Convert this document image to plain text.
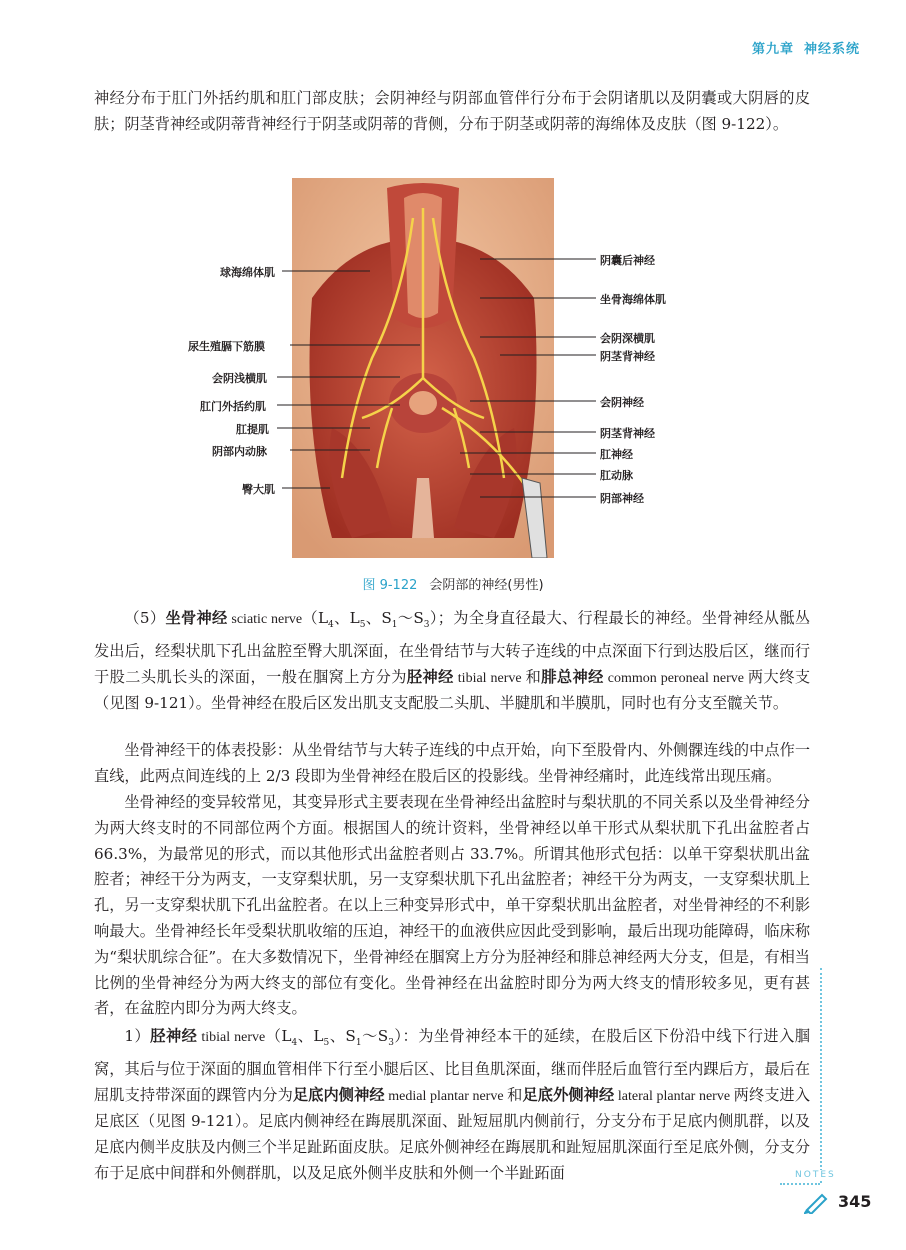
第九章 神经系统

神经分布于肛门外括约肌和肛门部皮肤；会阴神经与阴部血管伴行分布于会阴诸肌以及阴囊或大阴唇的皮肤；阴茎背神经或阴蒂背神经行于阴茎或阴蒂的背侧，分布于阴茎或阴蒂的海绵体及皮肤（图 9-122）。

球海绵体肌
尿生殖膈下筋膜
会阴浅横肌
肛门外括约肌
肛提肌
阴部内动脉
臀大肌
阴囊后神经
坐骨海绵体肌
会阴深横肌
阴茎背神经
会阴神经
阴茎背神经
肛神经
肛动脉
阴部神经
图 9-122 会阴部的神经(男性)

（5）坐骨神经 sciatic $nerve(L_4$、$L_5$、$S_1\sim S_3$）；为全身直径最大、行程最长的神经。坐骨神经从骶丛发出后，经梨状肌下孔出盆腔至臀大肌深面，在坐骨结节与大转子连线的中点深面下行到达股后区，继而行于股二头肌长头的深面，一般在腘窝上方分为胫神经 tibial nerve 和腓总神经 common peroneal nerve 两大终支（见图 9-121）。坐骨神经在股后区发出肌支支配股二头肌、半腱肌和半膜肌，同时也有分支至髋关节。

坐骨神经干的体表投影：从坐骨结节与大转子连线的中点开始，向下至股骨内、外侧髁连线的中点作一直线，此两点间连线的上 2/3 段即为坐骨神经在股后区的投影线。坐骨神经痛时，此连线常出现压痛。

坐骨神经的变异较常见，其变异形式主要表现在坐骨神经出盆腔时与梨状肌的不同关系以及坐骨神经分为两大终支时的不同部位两个方面。根据国人的统计资料，坐骨神经以单干形式从梨状肌下孔出盆腔者占 66.3%，为最常见的形式，而以其他形式出盆腔者则占 33.7%。所谓其他形式包括：以单干穿梨状肌出盆腔者；神经干分为两支，一支穿梨状肌，另一支穿梨状肌下孔出盆腔者；神经干分为两支，一支穿梨状肌上孔，另一支穿梨状肌下孔出盆腔者。在以上三种变异形式中，单干穿梨状肌出盆腔者，对坐骨神经的不利影响最大。坐骨神经长年受梨状肌收缩的压迫，神经干的血液供应因此受到影响，最后出现功能障碍，临床称为“梨状肌综合征”。在大多数情况下，坐骨神经在腘窝上方分为胫神经和腓总神经两大分支，但是，有相当比例的坐骨神经分为两大终支的部位有变化。坐骨神经在出盆腔时即分为两大终支的情形较多见，更有甚者，在盆腔内即分为两大终支。

1）胫神经 tibial $nerve(L_4$、$L_5$、$S_1\sim S_3$）：为坐骨神经本干的延续，在股后区下份沿中线下行进入腘窝，其后与位于深面的腘血管相伴下行至小腿后区、比目鱼肌深面，继而伴胫后血管行至内踝后方，最后在屈肌支持带深面的踝管内分为足底内侧神经 medial plantar nerve 和足底外侧神经 lateral plantar nerve 两终支进入足底区（见图 9-121）。足底内侧神经在踇展肌深面、趾短屈肌内侧前行，分支分布于足底内侧肌群，以及足底内侧半皮肤及内侧三个半足趾跖面皮肤。足底外侧神经在踇展肌和趾短屈肌深面行至足底外侧，分支分布于足底中间群和外侧群肌，以及足底外侧半皮肤和外侧一个半趾跖面	NOTES
345
